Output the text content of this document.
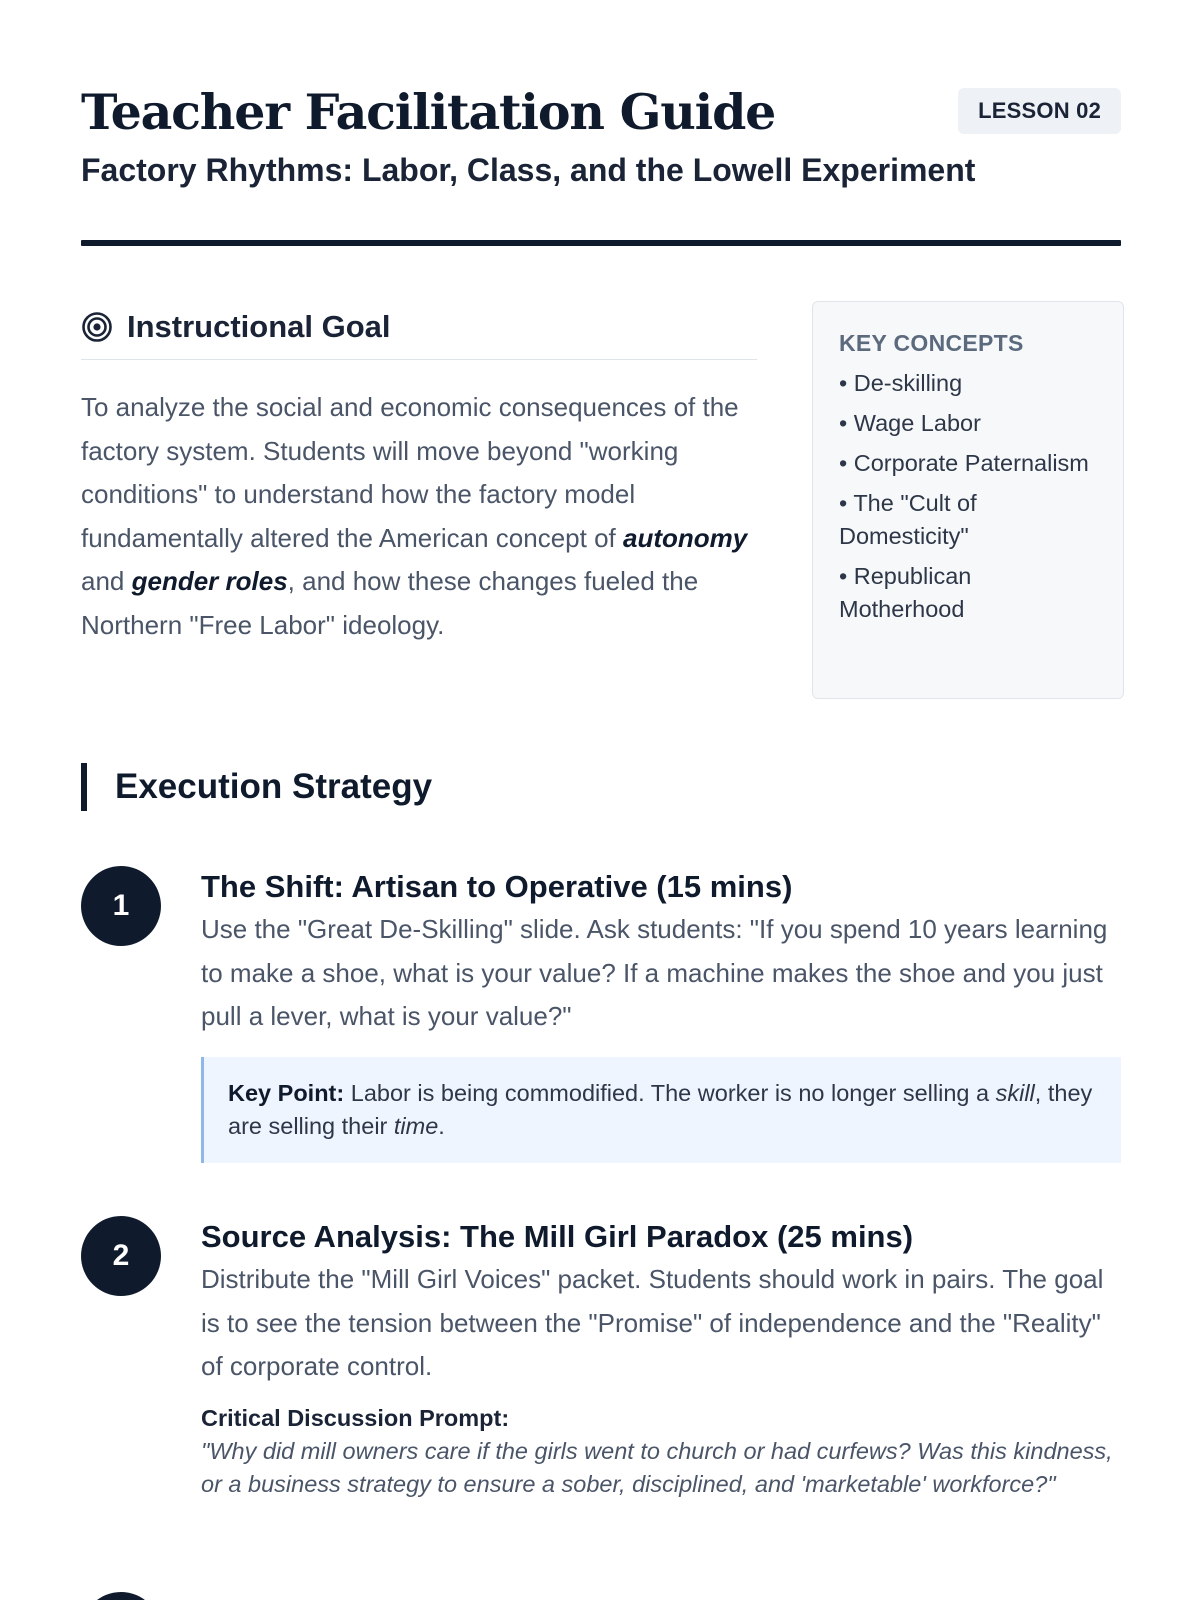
Teacher Facilitation Guide	LESSON 02
Factory Rhythms: Labor, Class, and the Lowell Experiment
Instructional Goal

To analyze the social and economic consequences of the factory system. Students will move beyond "working conditions" to understand how the factory model fundamentally altered the American concept of autonomy and gender roles, and how these changes fueled the Northern "Free Labor" ideology.

KEY CONCEPTS
• De-skilling
• Wage Labor
• Corporate Paternalism
• The "Cult of Domesticity"
• Republican Motherhood
Execution Strategy
1
The Shift: Artisan to Operative (15 mins)
Use the "Great De-Skilling" slide. Ask students: "If you spend 10 years learning to make a shoe, what is your value? If a machine makes the shoe and you just pull a lever, what is your value?"
Key Point: Labor is being commodified. The worker is no longer selling a skill, they are selling their time.
2
Source Analysis: The Mill Girl Paradox (25 mins)
Distribute the "Mill Girl Voices" packet. Students should work in pairs. The goal is to see the tension between the "Promise" of independence and the "Reality" of corporate control.
Critical Discussion Prompt:
"Why did mill owners care if the girls went to church or had curfews? Was this kindness, or a business strategy to ensure a sober, disciplined, and 'marketable' workforce?"
